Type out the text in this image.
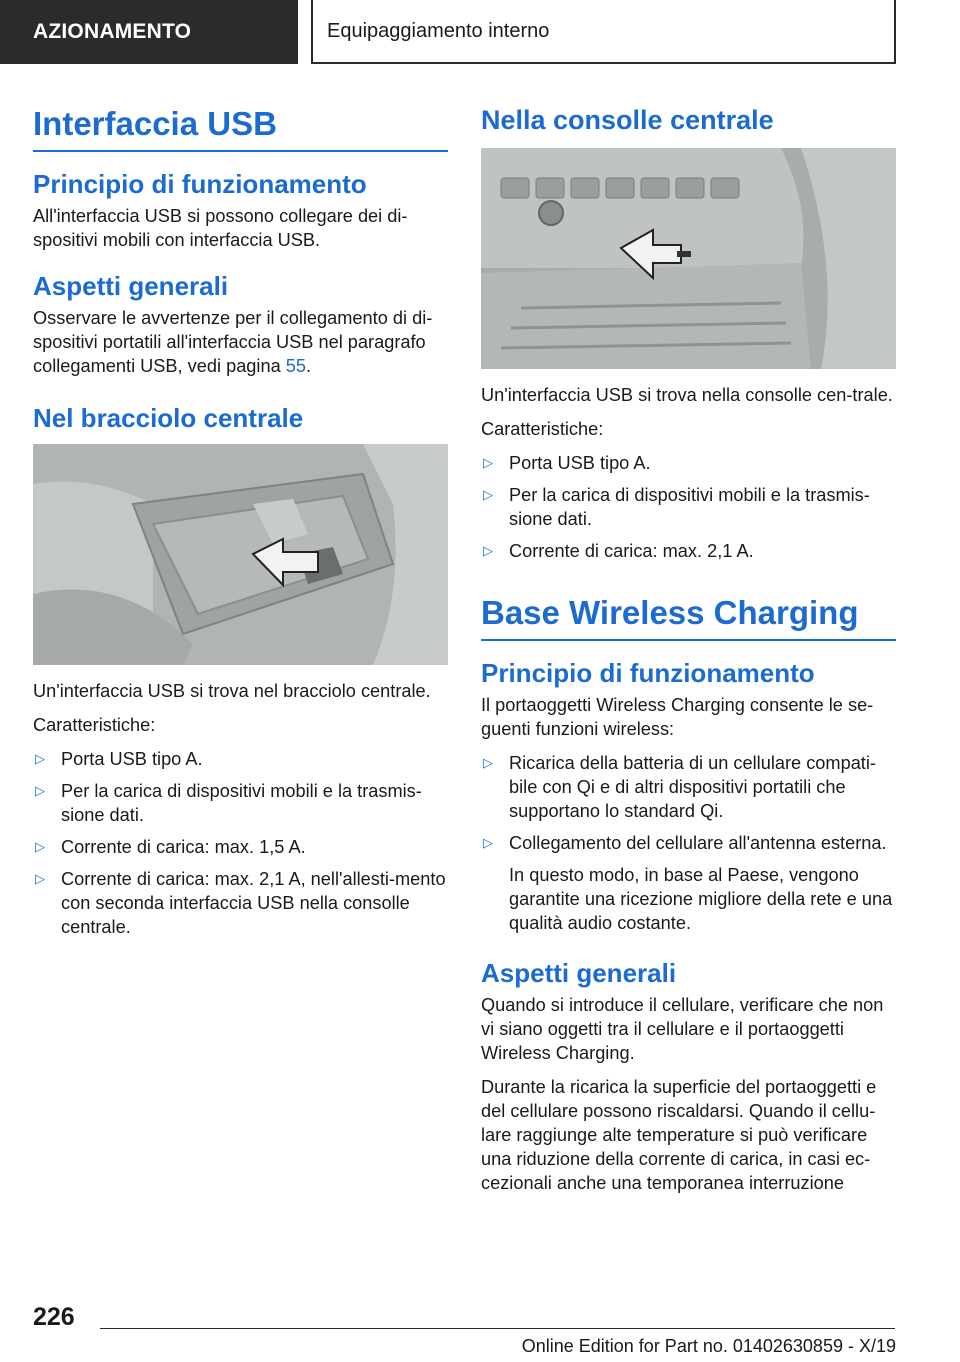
AZIONAMENTO	Equipaggiamento interno
Interfaccia USB
Principio di funzionamento

All'interfaccia USB si possono collegare dei di-spositivi mobili con interfaccia USB.

Aspetti generali

Osservare le avvertenze per il collegamento di di-spositivi portatili all'interfaccia USB nel paragrafo collegamenti USB, vedi pagina 55.

Nel bracciolo centrale

Un'interfaccia USB si trova nel bracciolo centrale.

Caratteristiche:

▷ Porta USB tipo A.
▷ Per la carica di dispositivi mobili e la trasmis-sione dati.
▷ Corrente di carica: max. 1,5 A.
▷ Corrente di carica: max. 2,1 A, nell'allesti-mento con seconda interfaccia USB nella consolle centrale.
Nella consolle centrale

Un'interfaccia USB si trova nella consolle cen-trale.

Caratteristiche:

▷ Porta USB tipo A.
▷ Per la carica di dispositivi mobili e la trasmis-sione dati.
▷ Corrente di carica: max. 2,1 A.
Base Wireless Charging
Principio di funzionamento

Il portaoggetti Wireless Charging consente le se-guenti funzioni wireless:

▷ Ricarica della batteria di un cellulare compati-bile con Qi e di altri dispositivi portatili che supportano lo standard Qi.
▷ Collegamento del cellulare all'antenna esterna.

In questo modo, in base al Paese, vengono garantite una ricezione migliore della rete e una qualità audio costante.

Aspetti generali

Quando si introduce il cellulare, verificare che non vi siano oggetti tra il cellulare e il portaoggetti Wireless Charging.

Durante la ricarica la superficie del portaoggetti e del cellulare possono riscaldarsi. Quando il cellu-lare raggiunge alte temperature si può verificare una riduzione della corrente di carica, in casi ec-cezionali anche una temporanea interruzione

226
Online Edition for Part no. 01402630859 - X/19
